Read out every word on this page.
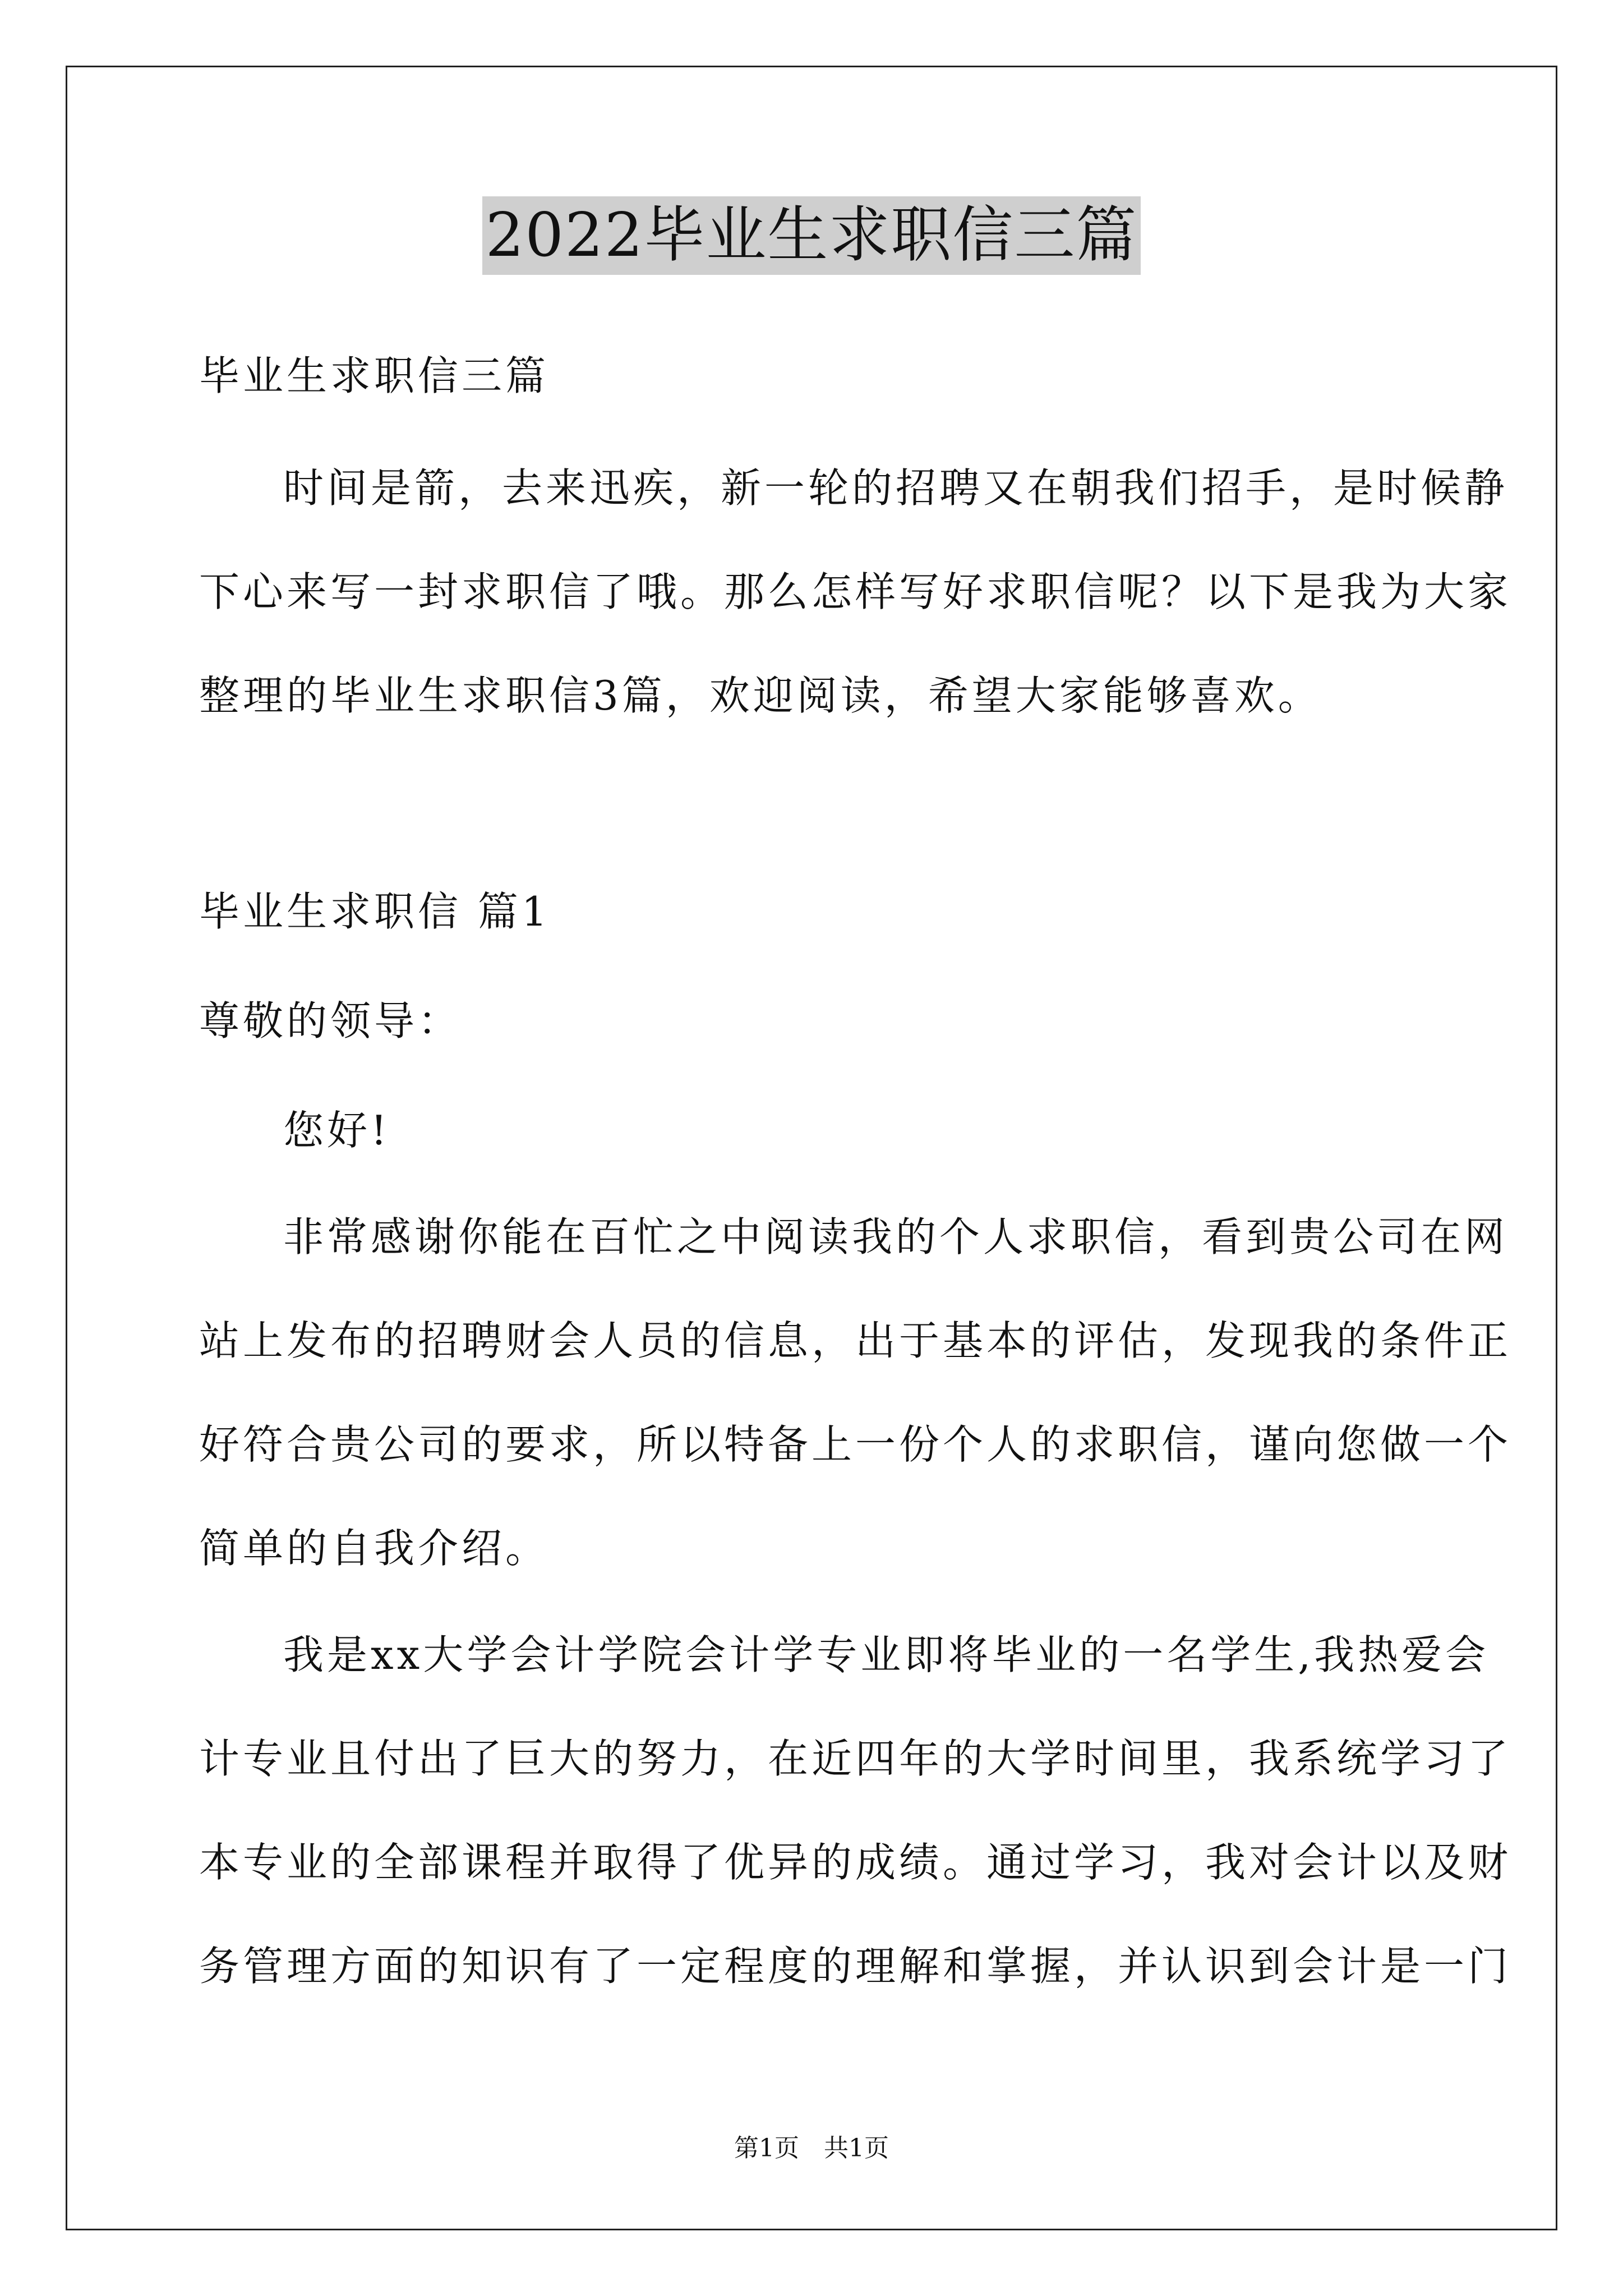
2022毕业生求职信三篇
毕业生求职信三篇
时间是箭，去来迅疾，新一轮的招聘又在朝我们招手，是时候静
下心来写一封求职信了哦。那么怎样写好求职信呢？以下是我为大家
整理的毕业生求职信3篇，欢迎阅读，希望大家能够喜欢。
毕业生求职信 篇1
尊敬的领导：
您好!
非常感谢你能在百忙之中阅读我的个人求职信，看到贵公司在网
站上发布的招聘财会人员的信息，出于基本的评估，发现我的条件正
好符合贵公司的要求，所以特备上一份个人的求职信，谨向您做一个
简单的自我介绍。
我是xx大学会计学院会计学专业即将毕业的一名学生,我热爱会
计专业且付出了巨大的努力，在近四年的大学时间里，我系统学习了
本专业的全部课程并取得了优异的成绩。通过学习，我对会计以及财
务管理方面的知识有了一定程度的理解和掌握，并认识到会计是一门
第1页　共1页
